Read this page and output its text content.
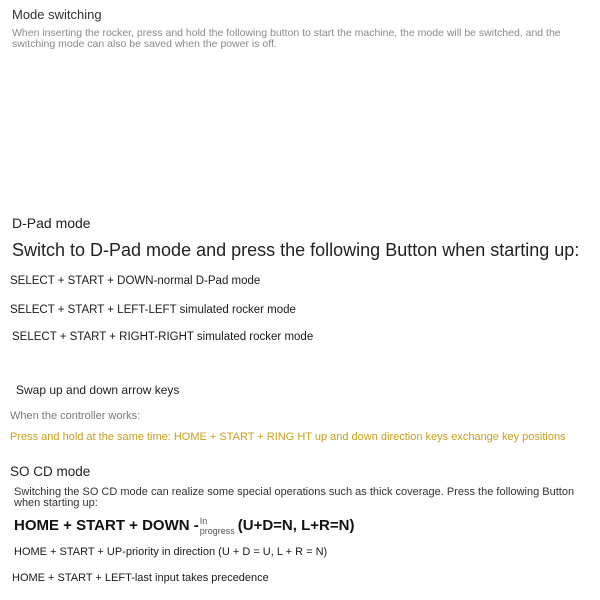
Mode switching
When inserting the rocker, press and hold the following button to start the machine, the mode will be switched, and the switching mode can also be saved when the power is off.
D-Pad mode
Switch to D-Pad mode and press the following Button when starting up:
SELECT + START + DOWN-normal D-Pad mode
SELECT + START + LEFT-LEFT simulated rocker mode
SELECT + START + RIGHT-RIGHT simulated rocker mode
Swap up and down arrow keys
When the controller works:
Press and hold at the same time: HOME + START + RING HT up and down direction keys exchange key positions
SO CD mode
Switching the SO CD mode can realize some special operations such as thick coverage. Press the following Button when starting up:
HOME + START + DOWN -In
progress (U+D=N, L+R=N)
HOME + START + UP-priority in direction (U + D = U, L + R = N)
HOME + START + LEFT-last input takes precedence
